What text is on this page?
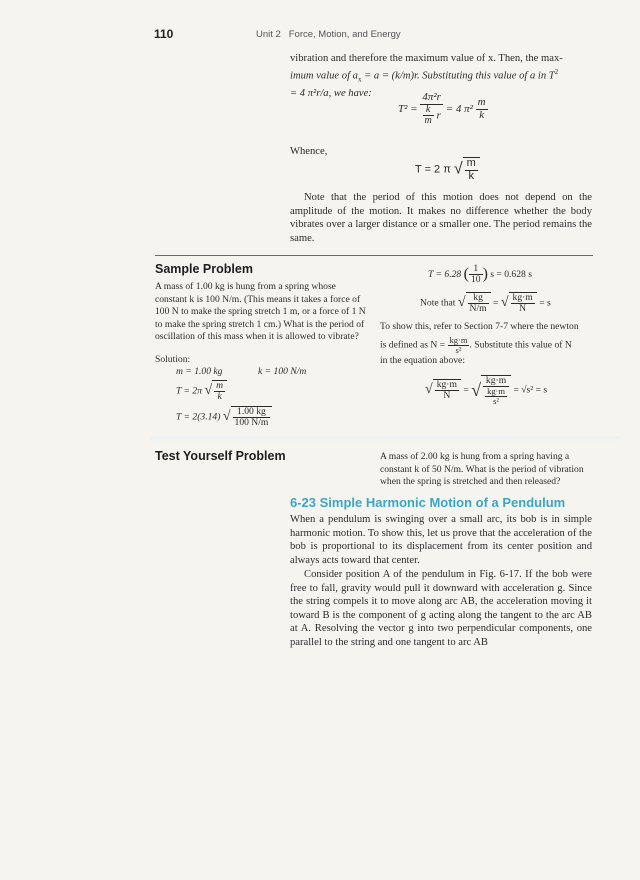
110	Unit 2   Force, Motion, and Energy
vibration and therefore the maximum value of x. Then, the max-
imum value of $a_x = a = (k/m)r$. Substituting this value of a in $T^2$
= 4 π²r/a, we have:
$T^2 = \frac{\text{4π²r}}{\frac{k}{m} r} = 4$ $\pi^2 \frac{m}{k}$
Whence,
T = 2 π √ $\frac{m}{k}$
Note that the period of this motion does not depend on the amplitude of the motion. It makes no difference whether the body vibrates over a larger distance or a smaller one. The period remains the same.
Sample Problem
A mass of 1.00 kg is hung from a spring whose constant k is 100 N/m. (This means it takes a force of 100 N to make the spring stretch 1 m, or a force of 1 N to make the spring stretch 1 cm.) What is the period of oscillation of this mass when it is allowed to vibrate?
Solution:
m = 1.00 kg	k = 100 N/m
T = 2π √ $\frac{m}{k}$
T = 2(3.14) √ $\frac{1.00 kg}{100 N/m}$
T = 6.28 ( $\frac{1}{10}$ ) s = 0.628 s
Note that √ $\frac{kg}{N/m}$ = √ $\frac{kg\cdot m}{N} = s$
To show this, refer to Section 7-7 where the newton
is defined as $N = \frac{kg\cdot m}{\text{s²}}$ . Substitute this value of N
in the equation above:
√ $\frac{kg\cdot m}{N}$ = √ $\frac{kg\cdot m}{\frac{kg\cdot m}{\text{s²}}} = √s^2 = s$
Test Yourself Problem	A mass of 2.00 kg is hung from a spring having a constant k of 50 N/m. What is the period of vibration when the spring is stretched and then released?
6-23 Simple Harmonic Motion of a Pendulum
When a pendulum is swinging over a small arc, its bob is in simple harmonic motion. To show this, let us prove that the acceleration of the bob is proportional to its displacement from its center position and always acts toward that center.
Consider position A of the pendulum in Fig. 6-17. If the bob were free to fall, gravity would pull it downward with acceleration g. Since the string compels it to move along arc AB, the acceleration moving it toward B is the component of g acting along the tangent to the arc AB at A. Resolving the vector g into two perpendicular components, one parallel to the string and one tangent to arc AB
